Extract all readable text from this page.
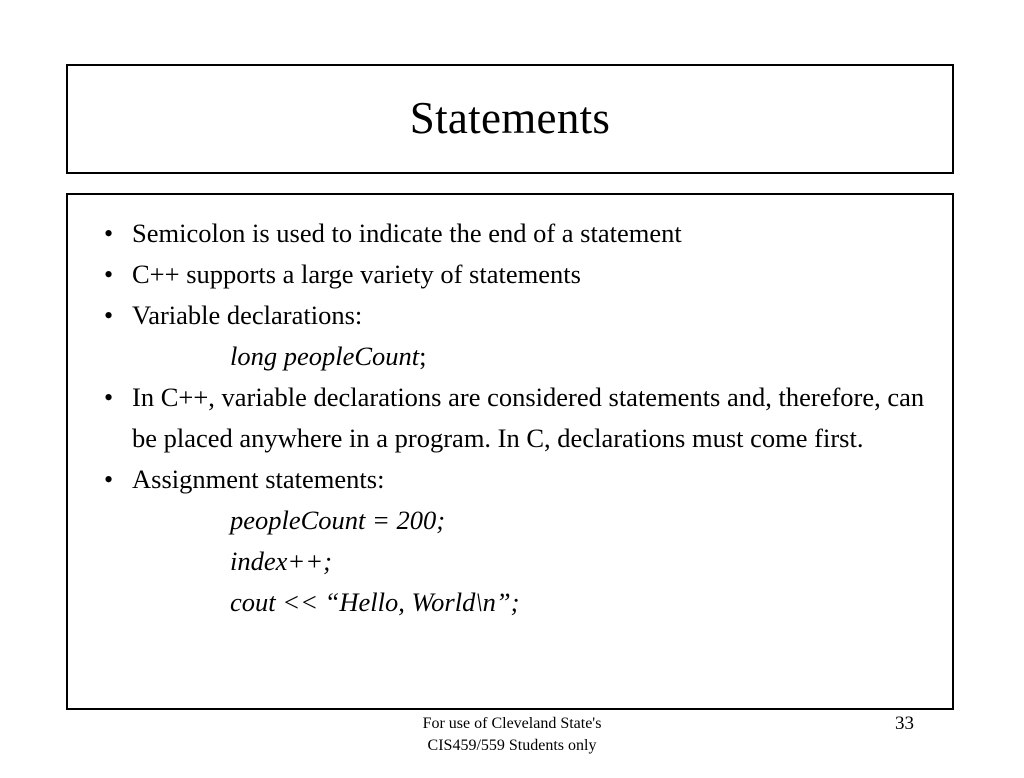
Statements
• Semicolon is used to indicate the end of a statement
• C++ supports a large variety of statements
• Variable declarations:
long peopleCount;
• In C++, variable declarations are considered statements and, therefore, can be placed anywhere in a program. In C, declarations must come first.
• Assignment statements:
peopleCount = 200;
index++;
cout << “Hello, World\n”;
For use of Cleveland State's
CIS459/559 Students only
33
